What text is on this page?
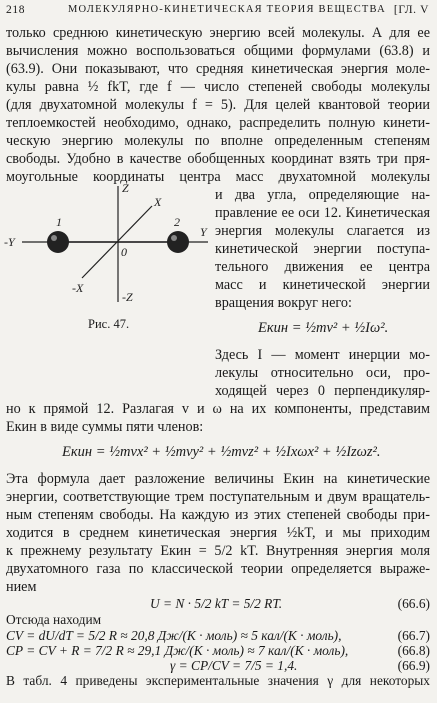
218	МОЛЕКУЛЯРНО-КИНЕТИЧЕСКАЯ ТЕОРИЯ ВЕЩЕСТВА [ГЛ. V
только среднюю кинетическую энергию всей молекулы. А для ее
вычисления можно воспользоваться общими формулами (63.8) и
(63.9). Они показывают, что средняя кинетическая энергия моле-
кулы равна ½ fkT, где f — число степеней свободы молекулы
(для двухатомной молекулы f = 5). Для целей квантовой теории
теплоемкостей необходимо, однако, распределить полную кинети-
ческую энергию молекулы по вполне определенным степеням
свободы. Удобно в качестве обобщенных координат взять три пря-
моугольные координаты центра масс двухатомной молекулы
Z
-Z
X
-X
-Y
Y
0
1	2
Рис. 47.
и два угла, определяющие на-
правление ее оси 12. Кинетическая
энергия молекулы слагается из
кинетической энергии поступа-
тельного движения ее центра
масс и кинетической энергии
вращения вокруг него:
Eкин = ½mv² + ½Iω².
Здесь I — момент инерции мо-
лекулы относительно оси, про-
ходящей через 0 перпендикуляр-
но к прямой 12. Разлагая v и ω на их компоненты, представим
Eкин в виде суммы пяти членов:
Eкин = ½mvx² + ½mvy² + ½mvz² + ½Ixωx² + ½Izωz².
Эта формула дает разложение величины Eкин на кинетические
энергии, соответствующие трем поступательным и двум вращатель-
ным степеням свободы. На каждую из этих степеней свободы при-
ходится в среднем кинетическая энергия ½kT, и мы приходим
к прежнему результату Eкин = 5/2 kT. Внутренняя энергия моля
двухатомного газа по классической теории определяется выраже-
нием
U = N · 5/2 kT = 5/2 RT.	(66.6)
Отсюда находим
CV = dU/dT = 5/2 R ≈ 20,8 Дж/(К · моль) ≈ 5 кал/(К · моль),	(66.7)
CP = CV + R = 7/2 R ≈ 29,1 Дж/(К · моль) ≈ 7 кал/(К · моль),	(66.8)
γ = CP/CV = 7/5 = 1,4.	(66.9)
В табл. 4 приведены экспериментальные значения γ для некоторых
